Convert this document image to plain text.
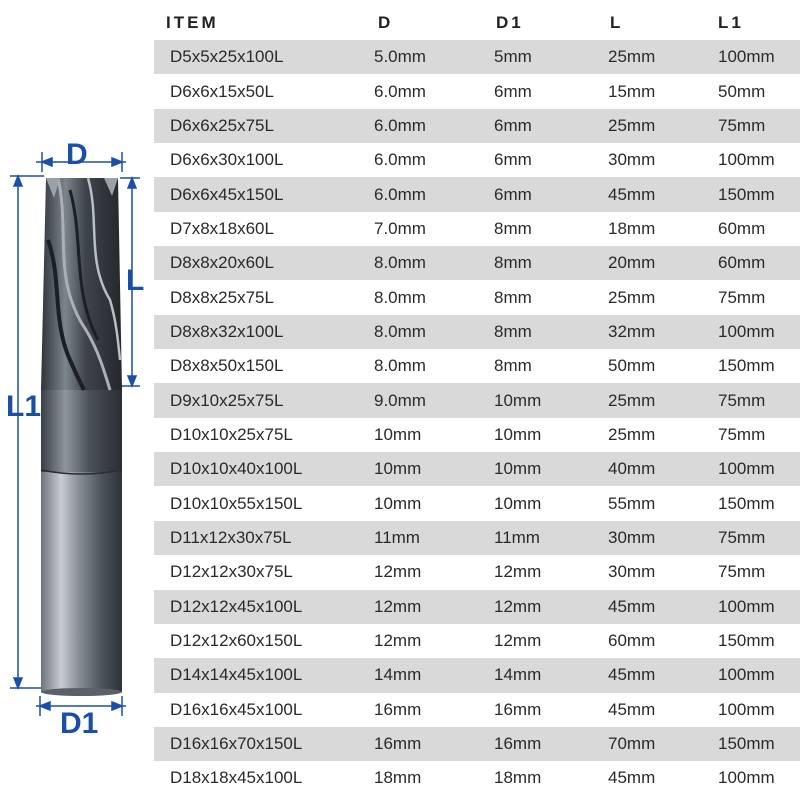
D
L
L1
D1
ITEM	D	D1	L	L1
D5x5x25x100L	5.0mm	5mm	25mm	100mm
D6x6x15x50L	6.0mm	6mm	15mm	50mm
D6x6x25x75L	6.0mm	6mm	25mm	75mm
D6x6x30x100L	6.0mm	6mm	30mm	100mm
D6x6x45x150L	6.0mm	6mm	45mm	150mm
D7x8x18x60L	7.0mm	8mm	18mm	60mm
D8x8x20x60L	8.0mm	8mm	20mm	60mm
D8x8x25x75L	8.0mm	8mm	25mm	75mm
D8x8x32x100L	8.0mm	8mm	32mm	100mm
D8x8x50x150L	8.0mm	8mm	50mm	150mm
D9x10x25x75L	9.0mm	10mm	25mm	75mm
D10x10x25x75L	10mm	10mm	25mm	75mm
D10x10x40x100L	10mm	10mm	40mm	100mm
D10x10x55x150L	10mm	10mm	55mm	150mm
D11x12x30x75L	11mm	11mm	30mm	75mm
D12x12x30x75L	12mm	12mm	30mm	75mm
D12x12x45x100L	12mm	12mm	45mm	100mm
D12x12x60x150L	12mm	12mm	60mm	150mm
D14x14x45x100L	14mm	14mm	45mm	100mm
D16x16x45x100L	16mm	16mm	45mm	100mm
D16x16x70x150L	16mm	16mm	70mm	150mm
D18x18x45x100L	18mm	18mm	45mm	100mm
